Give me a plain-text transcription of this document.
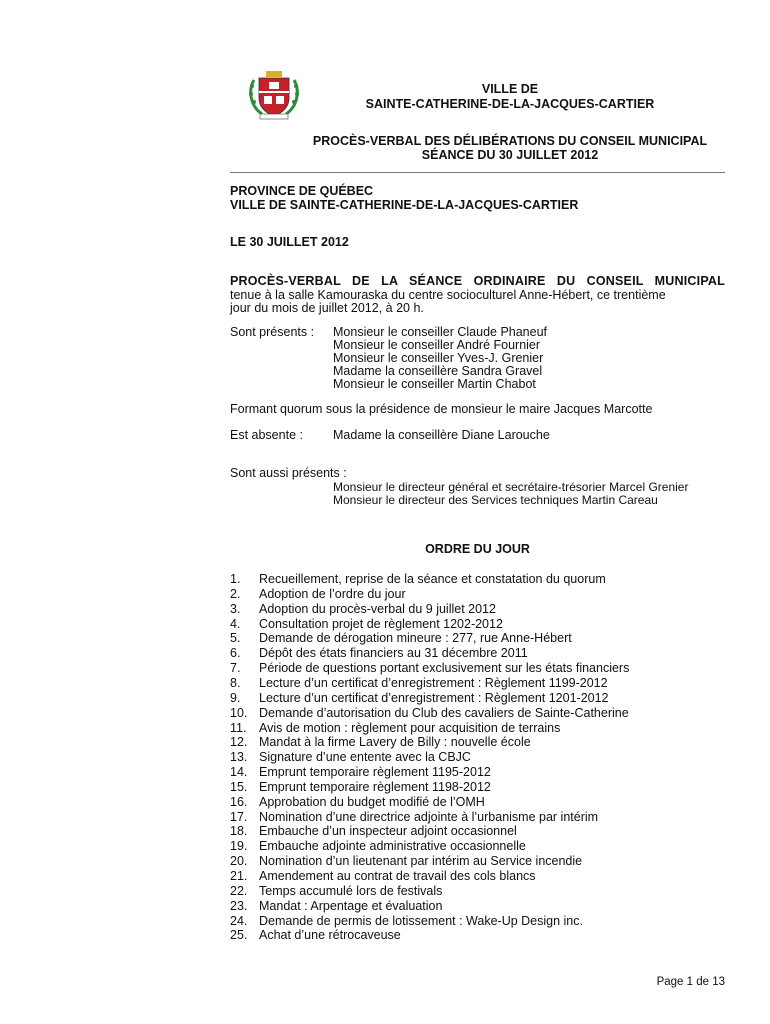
VILLE DE
SAINTE-CATHERINE-DE-LA-JACQUES-CARTIER
PROCÈS-VERBAL DES DÉLIBÉRATIONS DU CONSEIL MUNICIPAL
SÉANCE DU 30 JUILLET 2012
PROVINCE DE QUÉBEC
VILLE DE SAINTE-CATHERINE-DE-LA-JACQUES-CARTIER
LE 30 JUILLET 2012
PROCÈS-VERBAL DE LA SÉANCE ORDINAIRE DU CONSEIL MUNICIPAL
tenue à la salle Kamouraska du centre socioculturel Anne-Hébert, ce trentième
jour du mois de juillet 2012, à 20 h.
Sont présents : Monsieur le conseiller Claude Phaneuf
Monsieur le conseiller André Fournier
Monsieur le conseiller Yves-J. Grenier
Madame la conseillère Sandra Gravel
Monsieur le conseiller Martin Chabot
Formant quorum sous la présidence de monsieur le maire Jacques Marcotte
Est absente : Madame la conseillère Diane Larouche
Sont aussi présents :
Monsieur le directeur général et secrétaire-trésorier Marcel Grenier
Monsieur le directeur des Services techniques Martin Careau
ORDRE DU JOUR
1. Recueillement, reprise de la séance et constatation du quorum
2. Adoption de l’ordre du jour
3. Adoption du procès-verbal du 9 juillet 2012
4. Consultation projet de règlement 1202-2012
5. Demande de dérogation mineure : 277, rue Anne-Hébert
6. Dépôt des états financiers au 31 décembre 2011
7. Période de questions portant exclusivement sur les états financiers
8. Lecture d’un certificat d’enregistrement : Règlement 1199-2012
9. Lecture d’un certificat d’enregistrement : Règlement 1201-2012
10. Demande d’autorisation du Club des cavaliers de Sainte-Catherine
11. Avis de motion : règlement pour acquisition de terrains
12. Mandat à la firme Lavery de Billy : nouvelle école
13. Signature d’une entente avec la CBJC
14. Emprunt temporaire règlement 1195-2012
15. Emprunt temporaire règlement 1198-2012
16. Approbation du budget modifié de l’OMH
17. Nomination d’une directrice adjointe à l’urbanisme par intérim
18. Embauche d’un inspecteur adjoint occasionnel
19. Embauche adjointe administrative occasionnelle
20. Nomination d’un lieutenant par intérim au Service incendie
21. Amendement au contrat de travail des cols blancs
22. Temps accumulé lors de festivals
23. Mandat : Arpentage et évaluation
24. Demande de permis de lotissement : Wake-Up Design inc.
25. Achat d’une rétrocaveuse
Page 1 de 13
